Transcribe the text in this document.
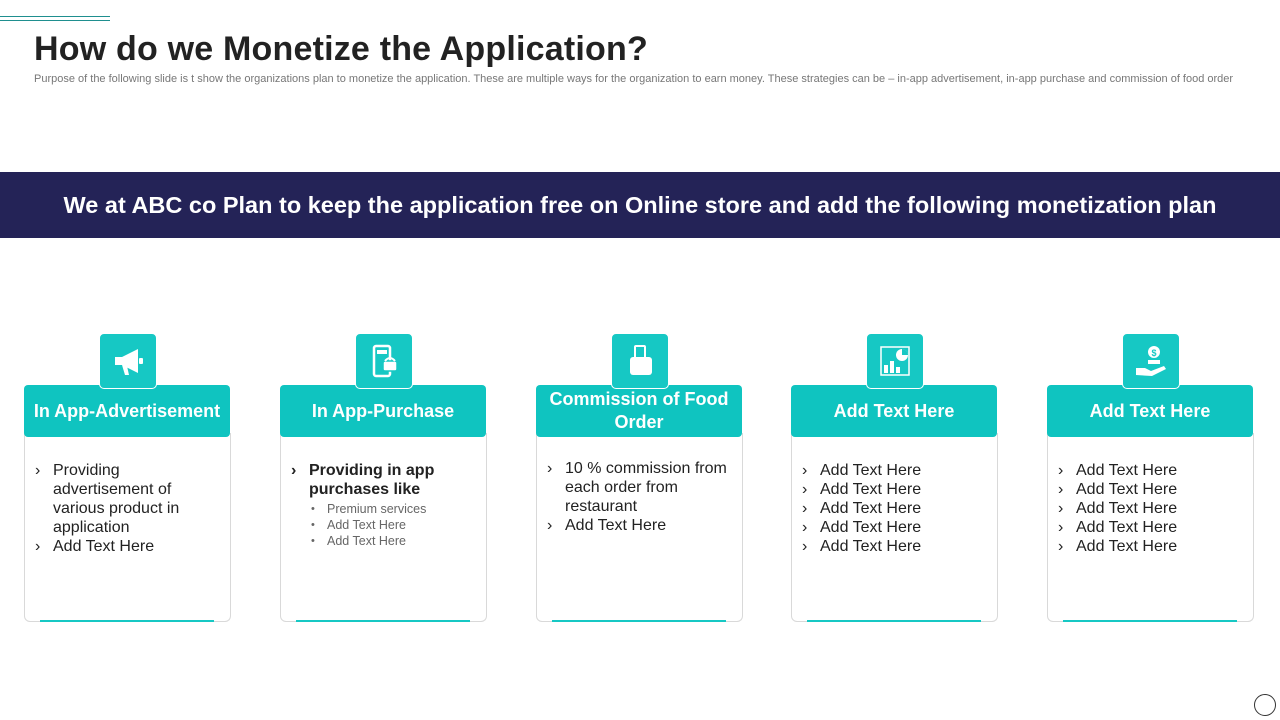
How do we Monetize the Application?

Purpose of the following slide is t show the organizations plan to monetize the application. These are multiple ways for the organization to earn money. These strategies can be – in-app advertisement, in-app purchase and commission of food order

We at ABC co Plan to keep the application free on Online store and add the following monetization plan
In App-Advertisement
› Providing advertisement of various product in application
› Add Text Here
In App-Purchase
› Providing in app purchases like
• Premium services
• Add Text Here
• Add Text Here
Commission of Food Order
› 10 % commission from each order from restaurant
› Add Text Here
Add Text Here
› Add Text Here
› Add Text Here
› Add Text Here
› Add Text Here
› Add Text Here
$
Add Text Here
› Add Text Here
› Add Text Here
› Add Text Here
› Add Text Here
› Add Text Here
